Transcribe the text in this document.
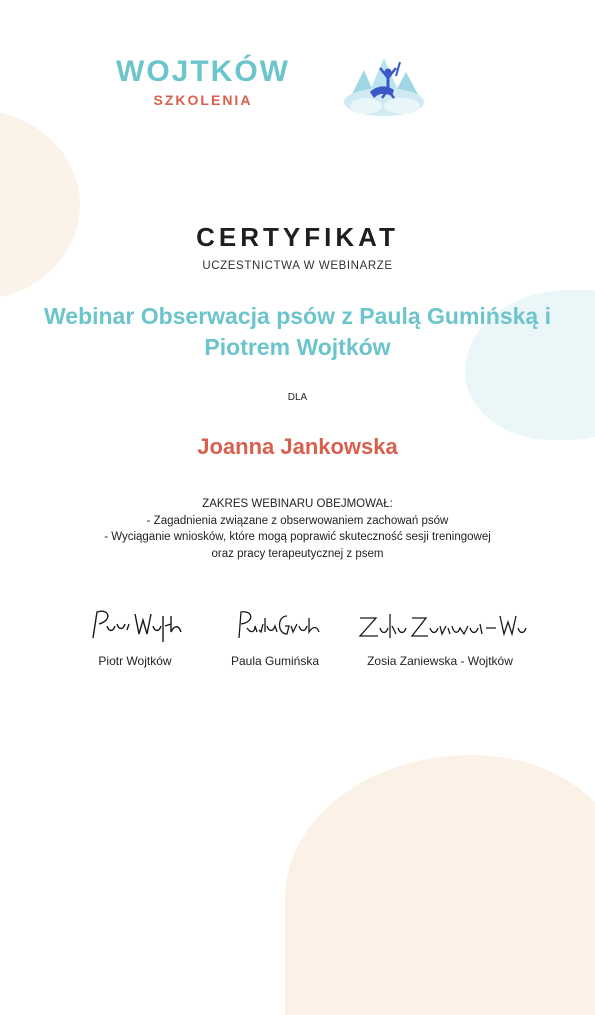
WOJTKÓW
SZKOLENIA
CERTYFIKAT
UCZESTNICTWA W WEBINARZE
Webinar Obserwacja psów z Paulą Gumińską i Piotrem Wojtków
DLA
Joanna Jankowska
ZAKRES WEBINARU OBEJMOWAŁ:
- Zagadnienia związane z obserwowaniem zachowań psów
- Wyciąganie wniosków, które mogą poprawić skuteczność sesji treningowej
oraz pracy terapeutycznej z psem
Piotr Wojtków	Paula Gumińska	Zosia Zaniewska - Wojtków
